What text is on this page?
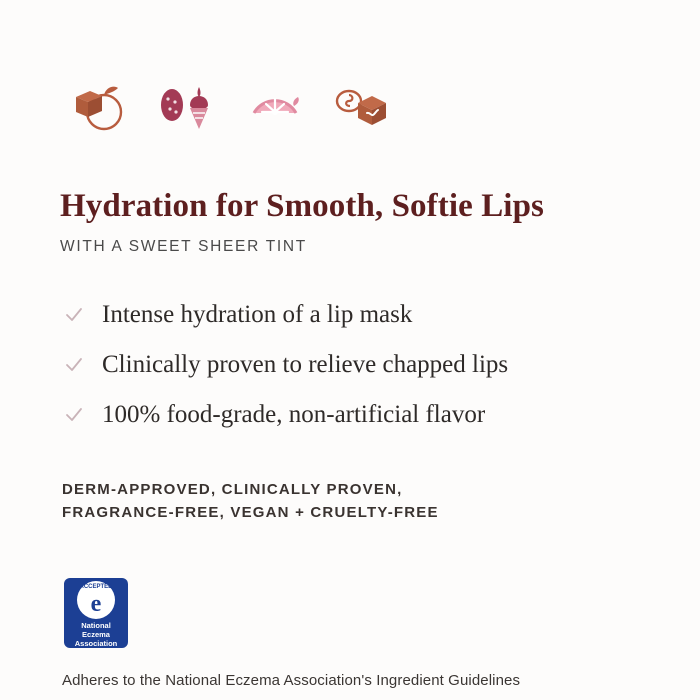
Hydration for Smooth, Softie Lips

WITH A SWEET SHEER TINT

Intense hydration of a lip mask
Clinically proven to relieve chapped lips
100% food-grade, non-artificial flavor
DERM-APPROVED, CLINICALLY PROVEN,
FRAGRANCE-FREE, VEGAN + CRUELTY-FREE
ACCEPTED
e
National
Eczema
Association
Adheres to the National Eczema Association's Ingredient Guidelines
